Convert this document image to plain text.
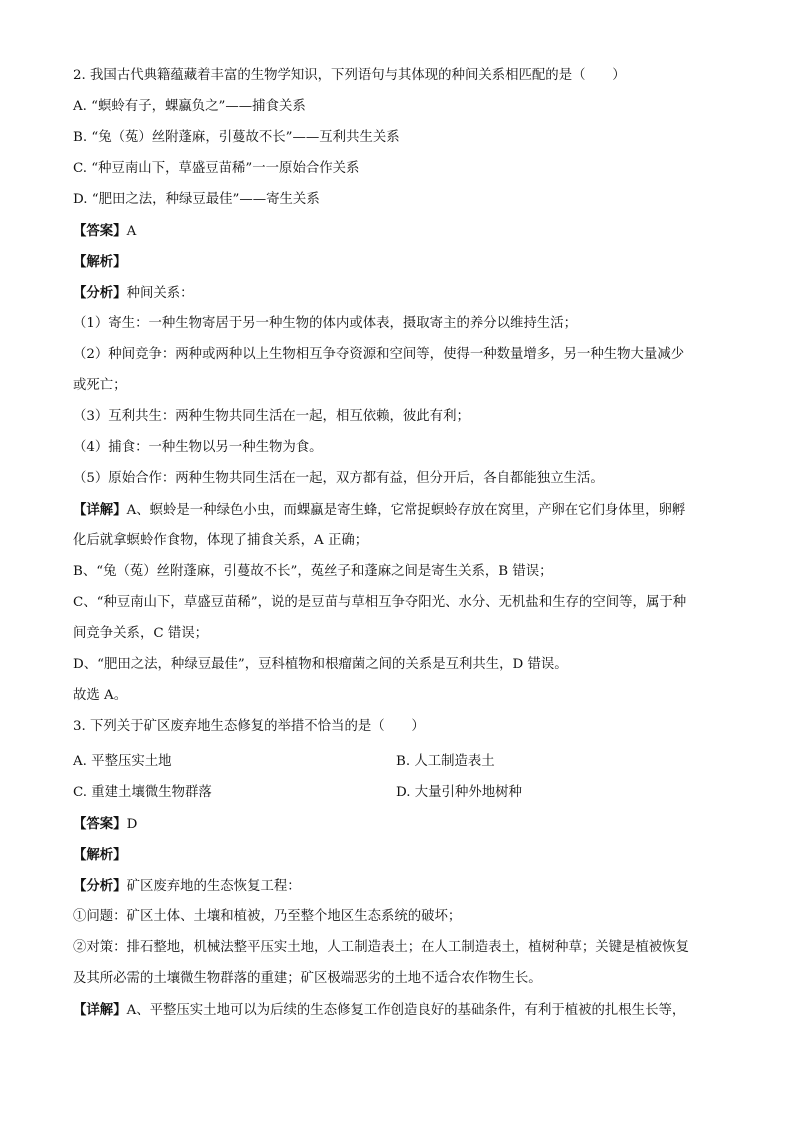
2. 我国古代典籍蕴藏着丰富的生物学知识，下列语句与其体现的种间关系相匹配的是（　　）
A. “螟蛉有子，蜾蠃负之”——捕食关系
B. “兔（菟）丝附蓬麻，引蔓故不长”——互利共生关系
C. “种豆南山下，草盛豆苗稀”一一原始合作关系
D. “肥田之法，种绿豆最佳”——寄生关系
【答案】A
【解析】
【分析】种间关系：
（1）寄生：一种生物寄居于另一种生物的体内或体表，摄取寄主的养分以维持生活；
（2）种间竞争：两种或两种以上生物相互争夺资源和空间等，使得一种数量增多，另一种生物大量减少
或死亡；
（3）互利共生：两种生物共同生活在一起，相互依赖，彼此有利；
（4）捕食：一种生物以另一种生物为食。
（5）原始合作：两种生物共同生活在一起，双方都有益，但分开后，各自都能独立生活。
【详解】A、螟蛉是一种绿色小虫，而蜾蠃是寄生蜂，它常捉螟蛉存放在窝里，产卵在它们身体里，卵孵
化后就拿螟蛉作食物，体现了捕食关系，A 正确；
B、“兔（菟）丝附蓬麻，引蔓故不长”，菟丝子和蓬麻之间是寄生关系，B 错误；
C、“种豆南山下，草盛豆苗稀”，说的是豆苗与草相互争夺阳光、水分、无机盐和生存的空间等，属于种
间竞争关系，C 错误；
D、“肥田之法，种绿豆最佳”，豆科植物和根瘤菌之间的关系是互利共生，D 错误。
故选 A。
3. 下列关于矿区废弃地生态修复的举措不恰当的是（　　）
A. 平整压实土地	B. 人工制造表土
C. 重建土壤微生物群落	D. 大量引种外地树种
【答案】D
【解析】
【分析】矿区废弃地的生态恢复工程：
①问题：矿区土体、土壤和植被，乃至整个地区生态系统的破坏；
②对策：排石整地，机械法整平压实土地，人工制造表土；在人工制造表土，植树种草；关键是植被恢复
及其所必需的土壤微生物群落的重建；矿区极端恶劣的土地不适合农作物生长。
【详解】A、平整压实土地可以为后续的生态修复工作创造良好的基础条件，有利于植被的扎根生长等，
